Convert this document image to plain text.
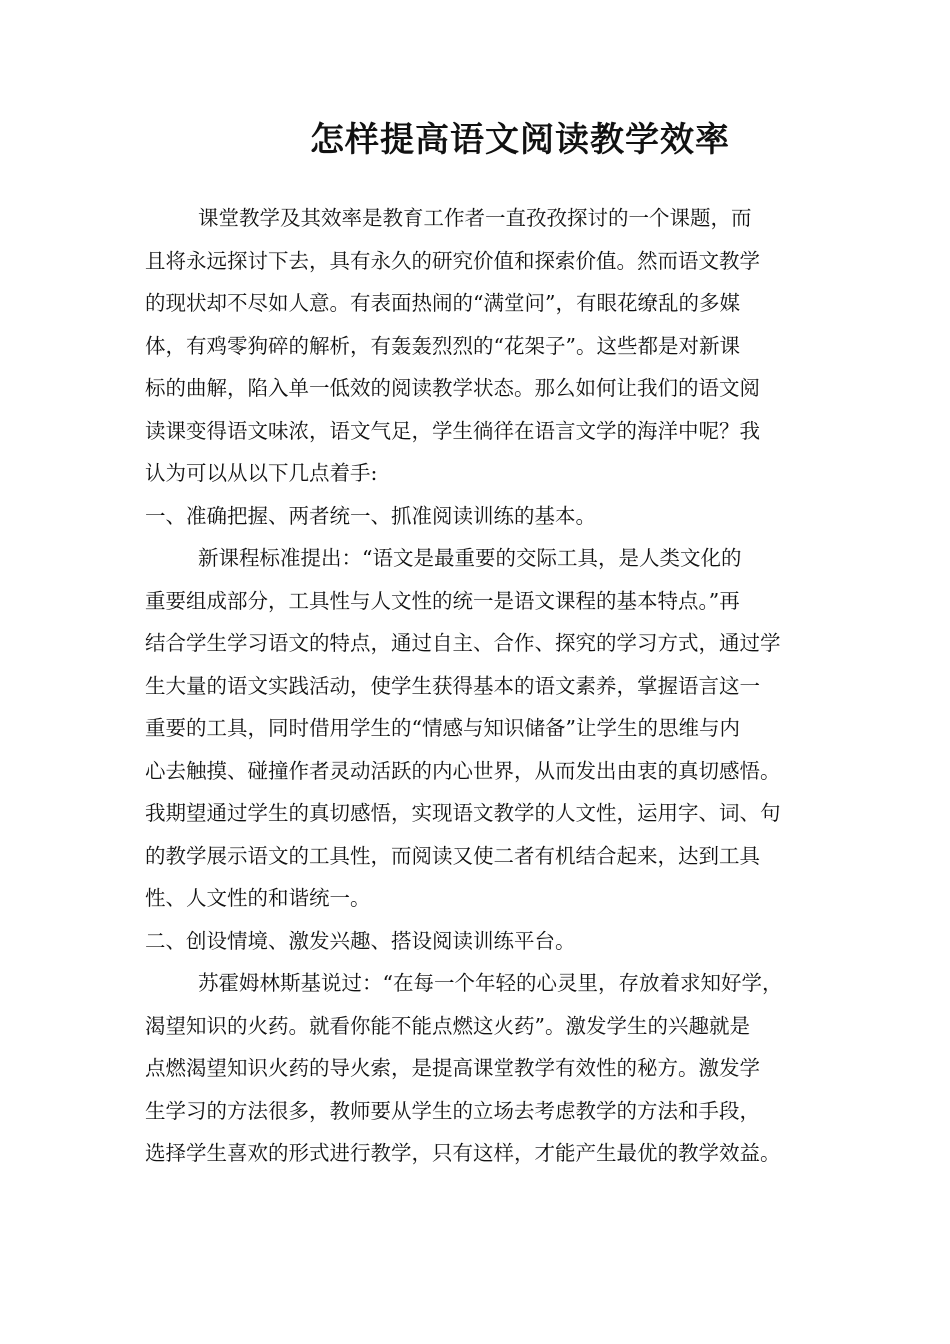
怎样提高语文阅读教学效率
课堂教学及其效率是教育工作者一直孜孜探讨的一个课题，而
且将永远探讨下去，具有永久的研究价值和探索价值。然而语文教学
的现状却不尽如人意。有表面热闹的“满堂问”，有眼花缭乱的多媒
体，有鸡零狗碎的解析，有轰轰烈烈的“花架子”。这些都是对新课
标的曲解，陷入单一低效的阅读教学状态。那么如何让我们的语文阅
读课变得语文味浓，语文气足，学生徜徉在语言文学的海洋中呢？我
认为可以从以下几点着手:
一、准确把握、两者统一、抓准阅读训练的基本。
新课程标准提出：“语文是最重要的交际工具，是人类文化的
重要组成部分，工具性与人文性的统一是语文课程的基本特点。”再
结合学生学习语文的特点，通过自主、合作、探究的学习方式，通过学
生大量的语文实践活动，使学生获得基本的语文素养，掌握语言这一
重要的工具，同时借用学生的“情感与知识储备”让学生的思维与内
心去触摸、碰撞作者灵动活跃的内心世界，从而发出由衷的真切感悟。
我期望通过学生的真切感悟，实现语文教学的人文性，运用字、词、句
的教学展示语文的工具性，而阅读又使二者有机结合起来，达到工具
性、人文性的和谐统一。
二、创设情境、激发兴趣、搭设阅读训练平台。
苏霍姆林斯基说过：“在每一个年轻的心灵里，存放着求知好学，
渴望知识的火药。就看你能不能点燃这火药”。激发学生的兴趣就是
点燃渴望知识火药的导火索，是提高课堂教学有效性的秘方。激发学
生学习的方法很多，教师要从学生的立场去考虑教学的方法和手段，
选择学生喜欢的形式进行教学，只有这样，才能产生最优的教学效益。
